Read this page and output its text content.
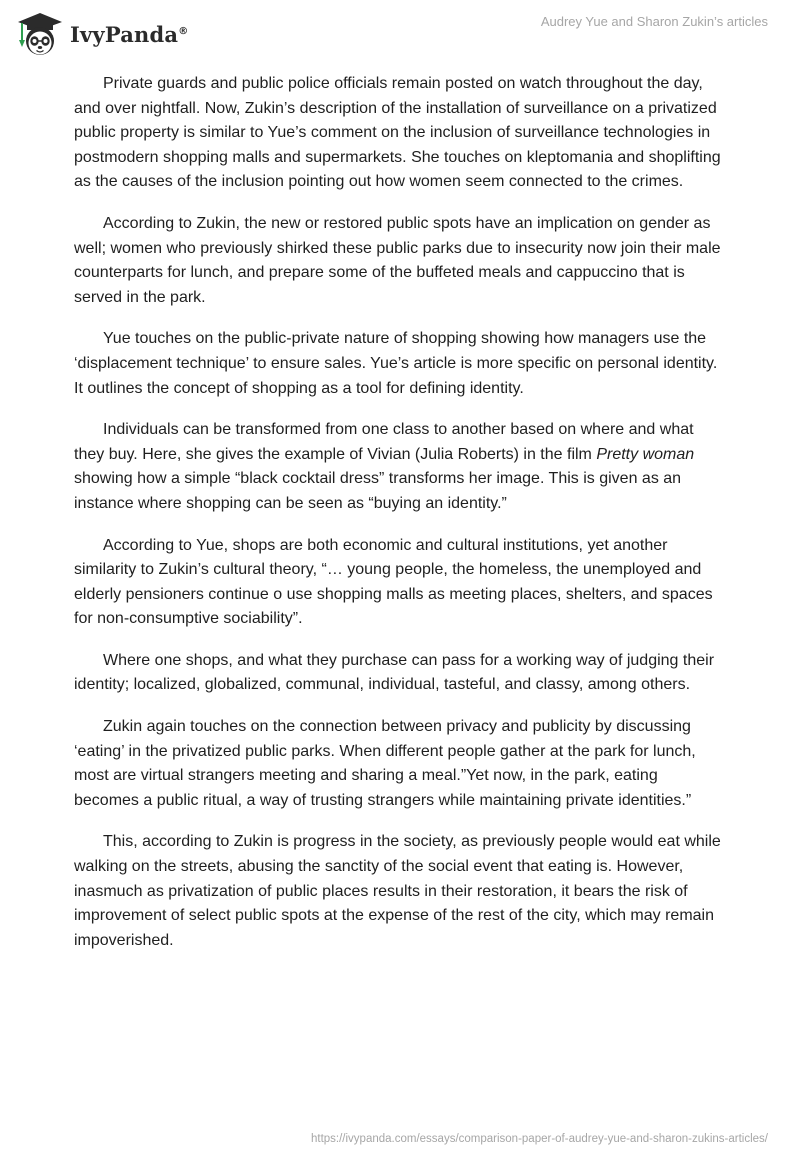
IvyPanda®
Audrey Yue and Sharon Zukin’s articles

Private guards and public police officials remain posted on watch throughout the day, and over nightfall. Now, Zukin’s description of the installation of surveillance on a privatized public property is similar to Yue’s comment on the inclusion of surveillance technologies in postmodern shopping malls and supermarkets. She touches on kleptomania and shoplifting as the causes of the inclusion pointing out how women seem connected to the crimes.

According to Zukin, the new or restored public spots have an implication on gender as well; women who previously shirked these public parks due to insecurity now join their male counterparts for lunch, and prepare some of the buffeted meals and cappuccino that is served in the park.

Yue touches on the public-private nature of shopping showing how managers use the ‘displacement technique’ to ensure sales. Yue’s article is more specific on personal identity. It outlines the concept of shopping as a tool for defining identity.

Individuals can be transformed from one class to another based on where and what they buy. Here, she gives the example of Vivian (Julia Roberts) in the film Pretty woman showing how a simple “black cocktail dress” transforms her image. This is given as an instance where shopping can be seen as “buying an identity.”

According to Yue, shops are both economic and cultural institutions, yet another similarity to Zukin’s cultural theory, “… young people, the homeless, the unemployed and elderly pensioners continue o use shopping malls as meeting places, shelters, and spaces for non-consumptive sociability”.

Where one shops, and what they purchase can pass for a working way of judging their identity; localized, globalized, communal, individual, tasteful, and classy, among others.

Zukin again touches on the connection between privacy and publicity by discussing ‘eating’ in the privatized public parks. When different people gather at the park for lunch, most are virtual strangers meeting and sharing a meal.”Yet now, in the park, eating becomes a public ritual, a way of trusting strangers while maintaining private identities.”

This, according to Zukin is progress in the society, as previously people would eat while walking on the streets, abusing the sanctity of the social event that eating is. However, inasmuch as privatization of public places results in their restoration, it bears the risk of improvement of select public spots at the expense of the rest of the city, which may remain impoverished.

https://ivypanda.com/essays/comparison-paper-of-audrey-yue-and-sharon-zukins-articles/
